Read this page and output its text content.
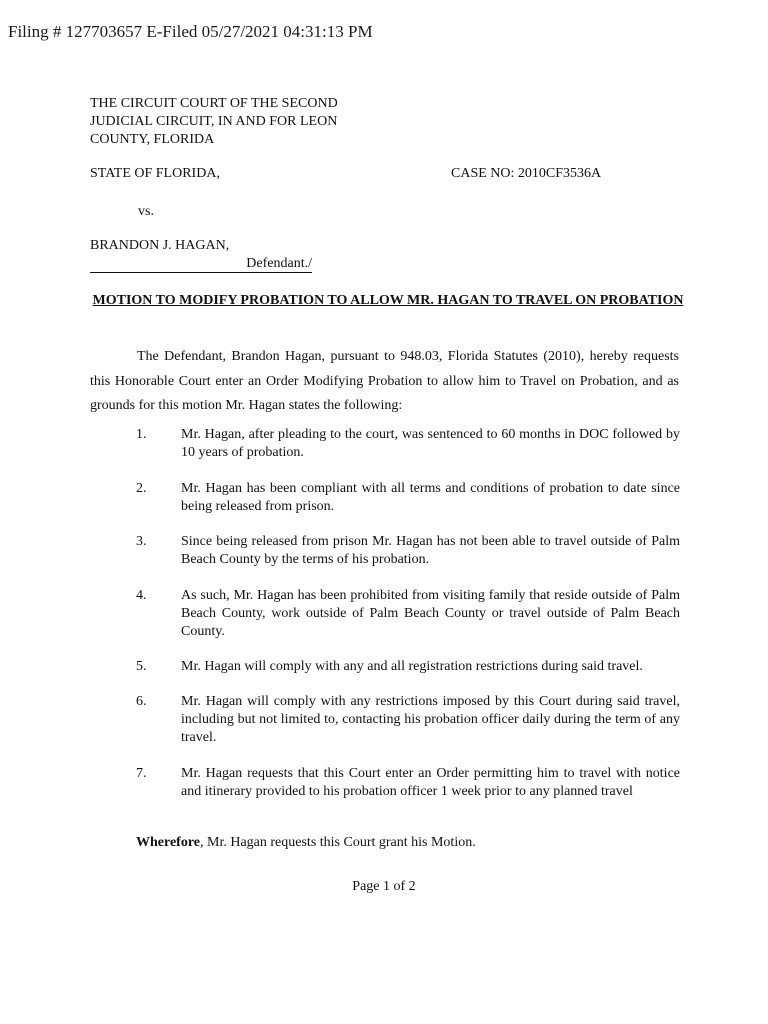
Filing # 127703657 E-Filed 05/27/2021 04:31:13 PM
THE CIRCUIT COURT OF THE SECOND
JUDICIAL CIRCUIT, IN AND FOR LEON
COUNTY, FLORIDA
STATE OF FLORIDA,	CASE NO: 2010CF3536A
vs.
BRANDON J. HAGAN,
Defendant./
MOTION TO MODIFY PROBATION TO ALLOW MR. HAGAN TO TRAVEL ON PROBATION
The Defendant, Brandon Hagan, pursuant to 948.03, Florida Statutes (2010), hereby requests this Honorable Court enter an Order Modifying Probation to allow him to Travel on Probation, and as grounds for this motion Mr. Hagan states the following:
1. Mr. Hagan, after pleading to the court, was sentenced to 60 months in DOC followed by 10 years of probation.
2. Mr. Hagan has been compliant with all terms and conditions of probation to date since being released from prison.
3. Since being released from prison Mr. Hagan has not been able to travel outside of Palm Beach County by the terms of his probation.
4. As such, Mr. Hagan has been prohibited from visiting family that reside outside of Palm Beach County, work outside of Palm Beach County or travel outside of Palm Beach County.
5. Mr. Hagan will comply with any and all registration restrictions during said travel.
6. Mr. Hagan will comply with any restrictions imposed by this Court during said travel, including but not limited to, contacting his probation officer daily during the term of any travel.
7. Mr. Hagan requests that this Court enter an Order permitting him to travel with notice and itinerary provided to his probation officer 1 week prior to any planned travel
Wherefore, Mr. Hagan requests this Court grant his Motion.
Page 1 of 2
